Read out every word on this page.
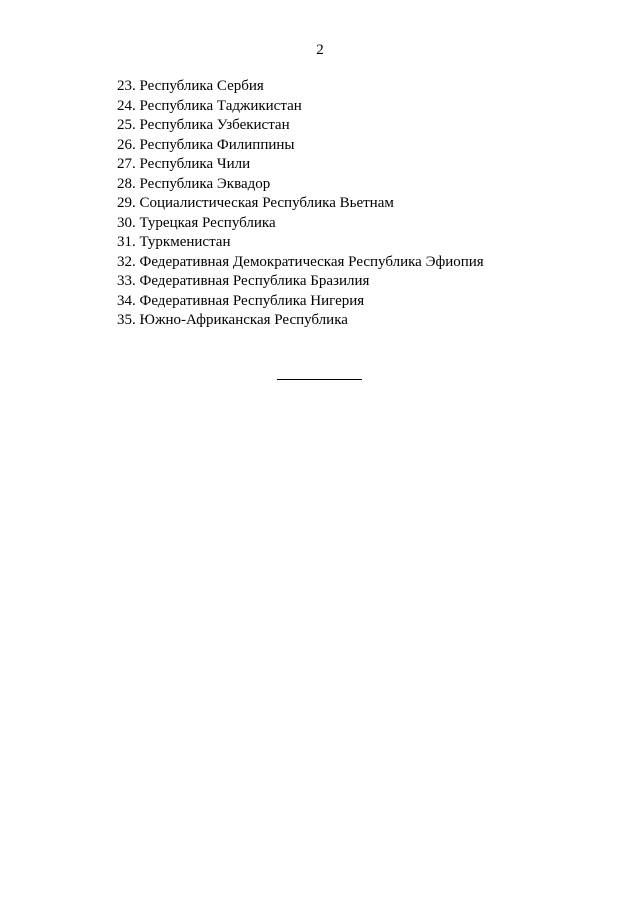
2
23. Республика Сербия
24. Республика Таджикистан
25. Республика Узбекистан
26. Республика Филиппины
27. Республика Чили
28. Республика Эквадор
29. Социалистическая Республика Вьетнам
30. Турецкая Республика
31. Туркменистан
32. Федеративная Демократическая Республика Эфиопия
33. Федеративная Республика Бразилия
34. Федеративная Республика Нигерия
35. Южно-Африканская Республика
